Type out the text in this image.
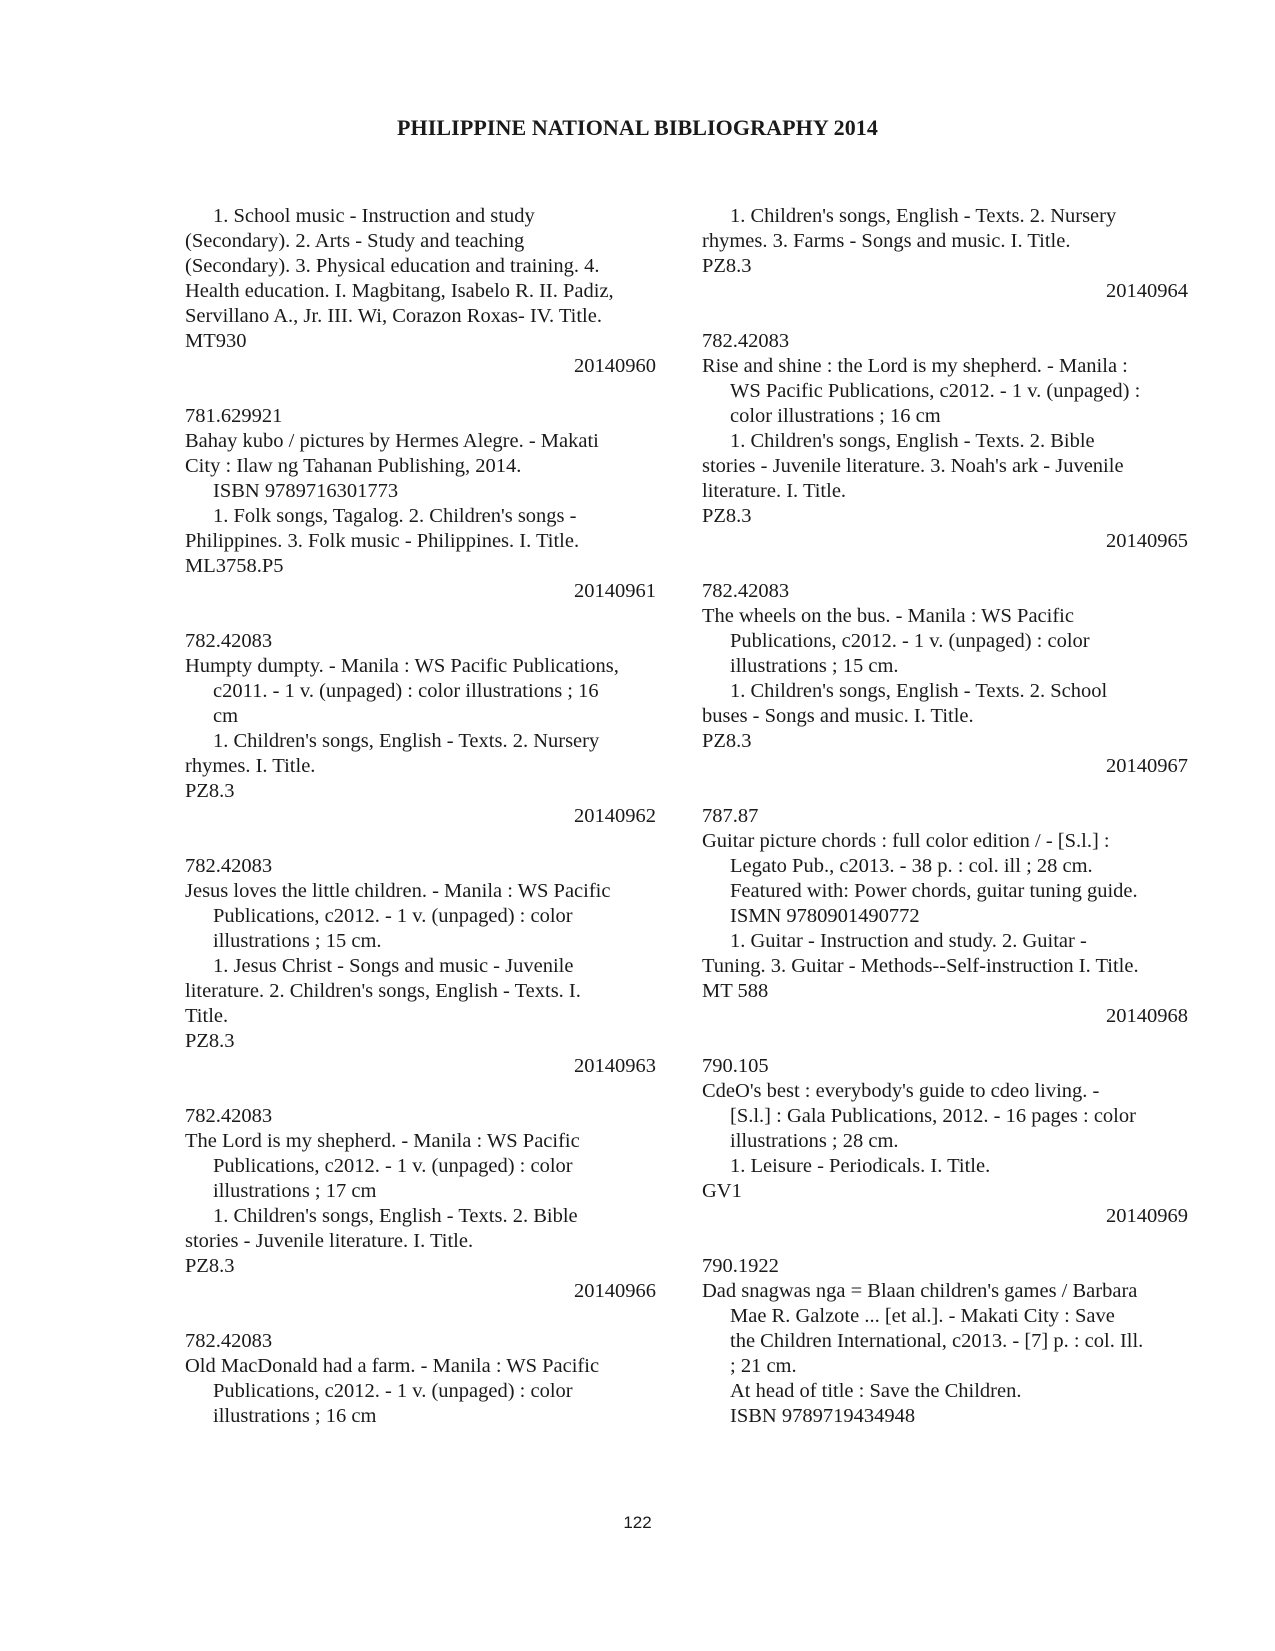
PHILIPPINE NATIONAL BIBLIOGRAPHY 2014
1. School music - Instruction and study
(Secondary). 2. Arts - Study and teaching
(Secondary). 3. Physical education and training. 4.
Health education. I. Magbitang, Isabelo R. II. Padiz,
Servillano A., Jr. III. Wi, Corazon Roxas- IV. Title.
MT930
20140960
781.629921
Bahay kubo / pictures by Hermes Alegre. - Makati
City : Ilaw ng Tahanan Publishing, 2014.
ISBN 9789716301773
1. Folk songs, Tagalog. 2. Children's songs -
Philippines. 3. Folk music - Philippines. I. Title.
ML3758.P5
20140961
782.42083
Humpty dumpty. - Manila : WS Pacific Publications,
c2011. - 1 v. (unpaged) : color illustrations ; 16
cm
1. Children's songs, English - Texts. 2. Nursery
rhymes. I. Title.
PZ8.3
20140962
782.42083
Jesus loves the little children. - Manila : WS Pacific
Publications, c2012. - 1 v. (unpaged) : color
illustrations ; 15 cm.
1. Jesus Christ - Songs and music - Juvenile
literature. 2. Children's songs, English - Texts. I.
Title.
PZ8.3
20140963
782.42083
The Lord is my shepherd. - Manila : WS Pacific
Publications, c2012. - 1 v. (unpaged) : color
illustrations ; 17 cm
1. Children's songs, English - Texts. 2. Bible
stories - Juvenile literature. I. Title.
PZ8.3
20140966
782.42083
Old MacDonald had a farm. - Manila : WS Pacific
Publications, c2012. - 1 v. (unpaged) : color
illustrations ; 16 cm
1. Children's songs, English - Texts. 2. Nursery
rhymes. 3. Farms - Songs and music. I. Title.
PZ8.3
20140964
782.42083
Rise and shine : the Lord is my shepherd. - Manila :
WS Pacific Publications, c2012. - 1 v. (unpaged) :
color illustrations ; 16 cm
1. Children's songs, English - Texts. 2. Bible
stories - Juvenile literature. 3. Noah's ark - Juvenile
literature. I. Title.
PZ8.3
20140965
782.42083
The wheels on the bus. - Manila : WS Pacific
Publications, c2012. - 1 v. (unpaged) : color
illustrations ; 15 cm.
1. Children's songs, English - Texts. 2. School
buses - Songs and music. I. Title.
PZ8.3
20140967
787.87
Guitar picture chords : full color edition / - [S.l.] :
Legato Pub., c2013. - 38 p. : col. ill ; 28 cm.
Featured with: Power chords, guitar tuning guide.
ISMN 9780901490772
1. Guitar - Instruction and study. 2. Guitar -
Tuning. 3. Guitar - Methods--Self-instruction I. Title.
MT 588
20140968
790.105
CdeO's best : everybody's guide to cdeo living. -
[S.l.] : Gala Publications, 2012. - 16 pages : color
illustrations ; 28 cm.
1. Leisure - Periodicals. I. Title.
GV1
20140969
790.1922
Dad snagwas nga = Blaan children's games / Barbara
Mae R. Galzote ... [et al.]. - Makati City : Save
the Children International, c2013. - [7] p. : col. Ill.
; 21 cm.
At head of title : Save the Children.
ISBN 9789719434948
122
